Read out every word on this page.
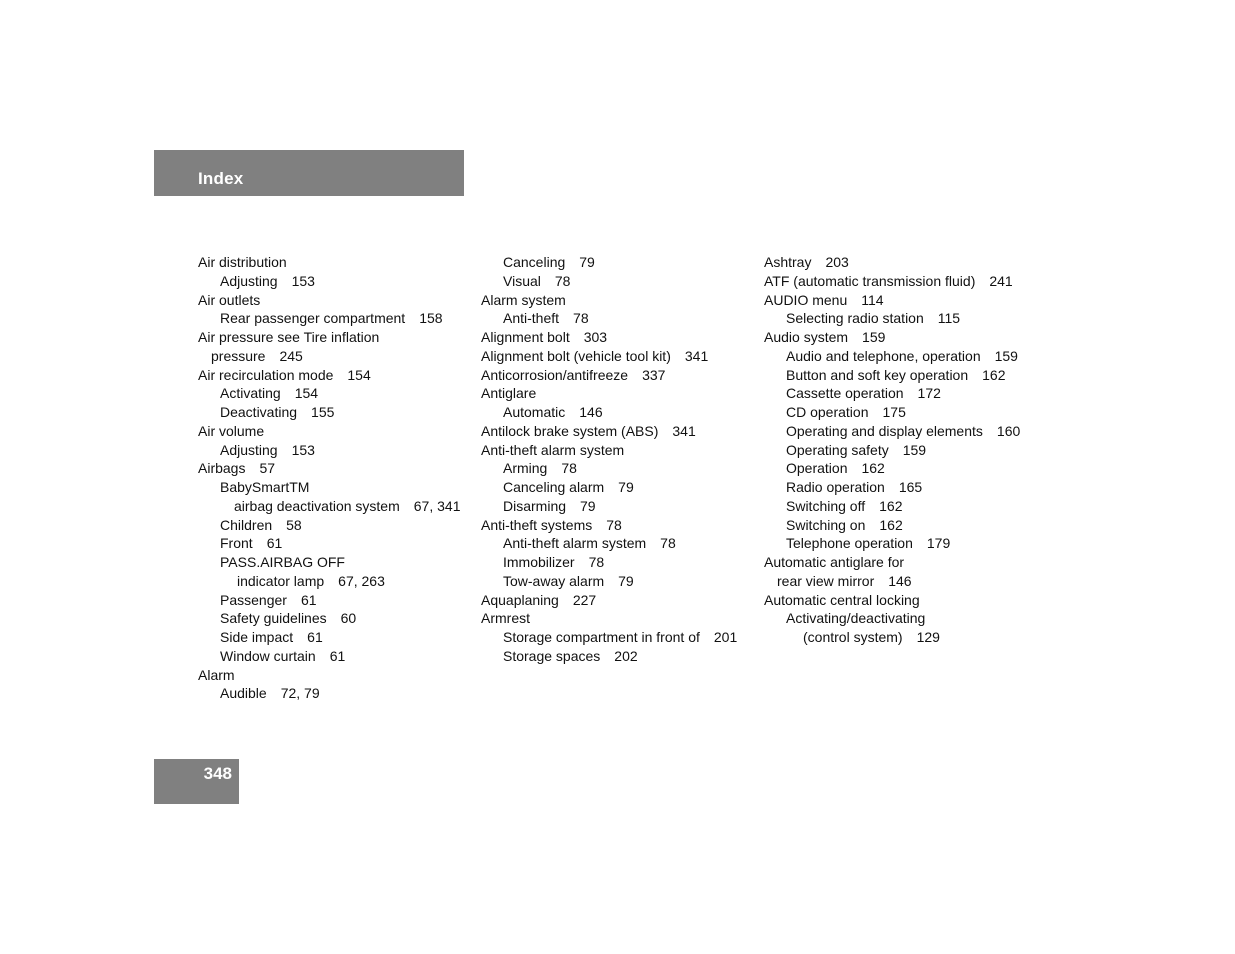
Index
Air distribution
Adjusting 153
Air outlets
Rear passenger compartment 158
Air pressure see Tire inflation
pressure 245
Air recirculation mode 154
Activating 154
Deactivating 155
Air volume
Adjusting 153
Airbags 57
BabySmartTM
airbag deactivation system 67, 341
Children 58
Front 61
PASS.AIRBAG OFF
indicator lamp 67, 263
Passenger 61
Safety guidelines 60
Side impact 61
Window curtain 61
Alarm
Audible 72, 79
Canceling 79
Visual 78
Alarm system
Anti-theft 78
Alignment bolt 303
Alignment bolt (vehicle tool kit) 341
Anticorrosion/antifreeze 337
Antiglare
Automatic 146
Antilock brake system (ABS) 341
Anti-theft alarm system
Arming 78
Canceling alarm 79
Disarming 79
Anti-theft systems 78
Anti-theft alarm system 78
Immobilizer 78
Tow-away alarm 79
Aquaplaning 227
Armrest
Storage compartment in front of 201
Storage spaces 202
Ashtray 203
ATF (automatic transmission fluid) 241
AUDIO menu 114
Selecting radio station 115
Audio system 159
Audio and telephone, operation 159
Button and soft key operation 162
Cassette operation 172
CD operation 175
Operating and display elements 160
Operating safety 159
Operation 162
Radio operation 165
Switching off 162
Switching on 162
Telephone operation 179
Automatic antiglare for
rear view mirror 146
Automatic central locking
Activating/deactivating
(control system) 129
348
